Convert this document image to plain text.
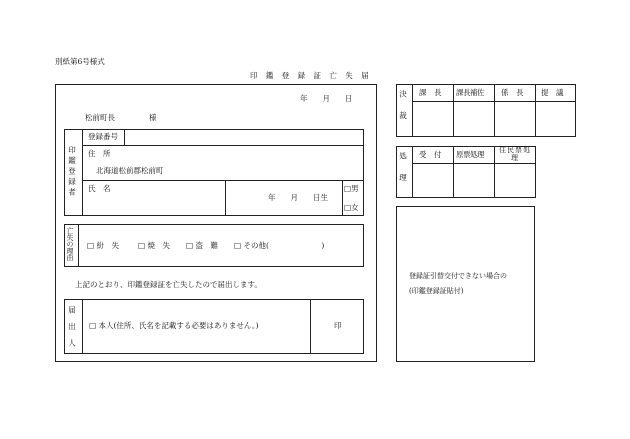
別紙第6号様式
印 鑑 登 録 証 亡 失 届
年　　月　　日
松前町長	様
印鑑登録者
登録番号
住　所
北海道松前郡松前町
氏　名
年　　月　　日生
□ 男
□ 女
亡失の理由 □	紛　失 □	焼　失 □	盗　難 □	その他(　　　　　　　)
上記のとおり、印鑑登録証を亡失したので届出します。
届出人 □	本人(住所、氏名を記載する必要はありません。)	印
決裁 課　長 課長補佐 係　長 提　議
処理 受　付 原票処理	住民票処理
登録証引替交付できない場合の
(印鑑登録証貼付)
